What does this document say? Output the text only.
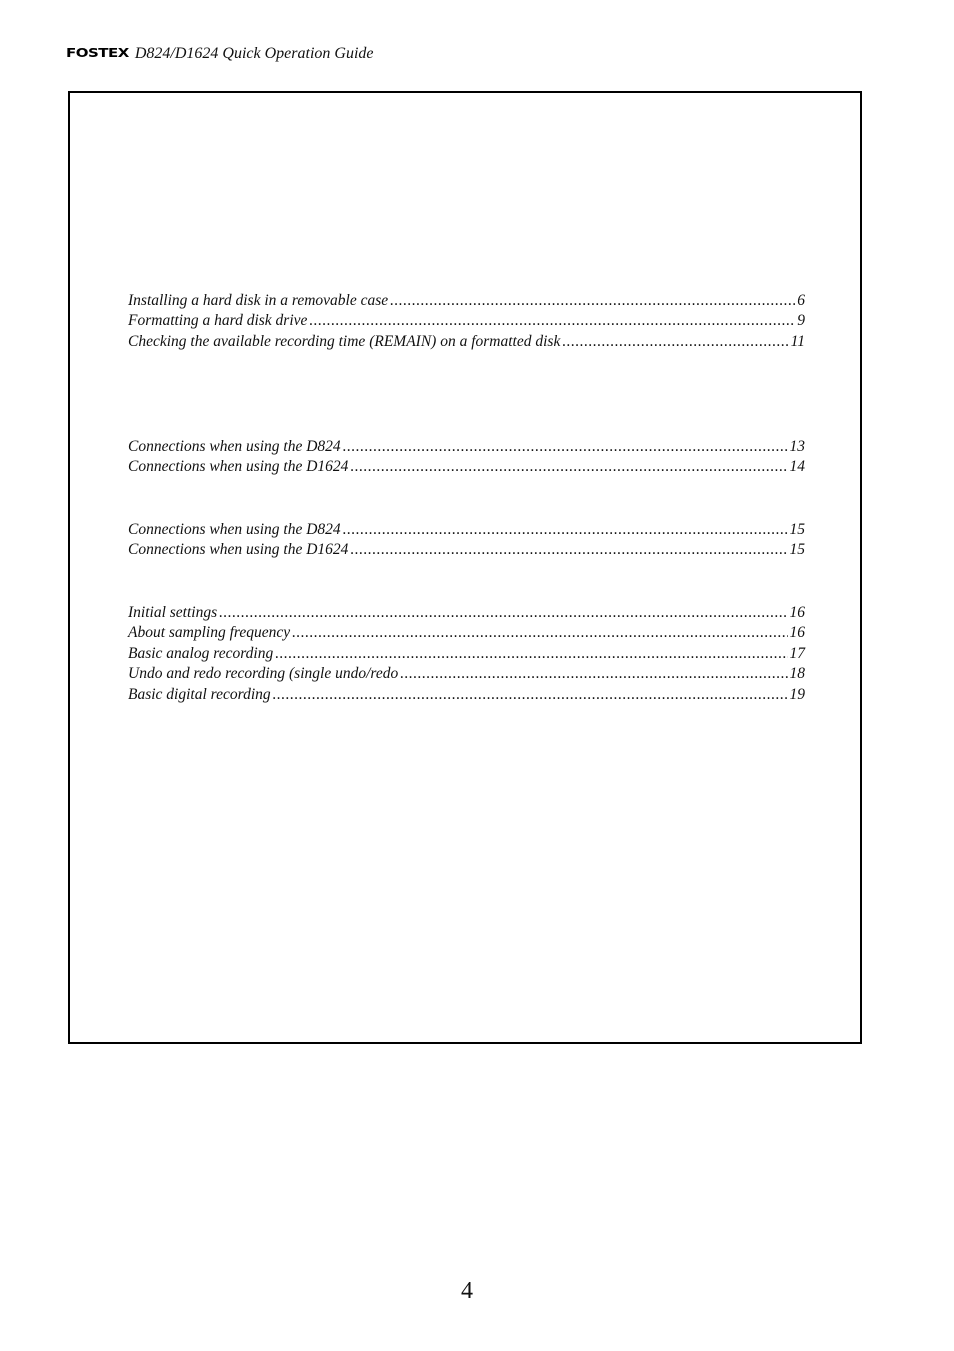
FOSTEX D824/D1624 Quick Operation Guide
Installing a hard disk in a removable case .....	6
Formatting a hard disk drive .....	9
Checking the available recording time (REMAIN) on a formatted disk .....	11
Connections when using the D824 .....	13
Connections when using the D1624 .....	14
Connections when using the D824 .....	15
Connections when using the D1624 .....	15
Initial settings .....	16
About sampling frequency .....	16
Basic analog recording .....	17
Undo and redo recording (single undo/redo .....	18
Basic digital recording .....	19
4
